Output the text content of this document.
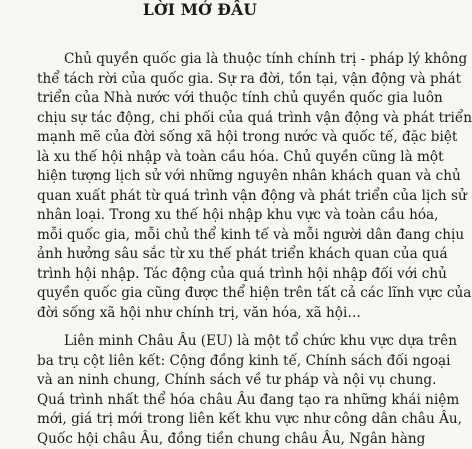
LỜI MỞ ĐẦU

Chủ quyền quốc gia là thuộc tính chính trị - pháp lý không
thể tách rời của quốc gia. Sự ra đời, tồn tại, vận động và phát
triển của Nhà nước với thuộc tính chủ quyền quốc gia luôn
chịu sự tác động, chi phối của quá trình vận động và phát triển
mạnh mẽ của đời sống xã hội trong nước và quốc tế, đặc biệt
là xu thế hội nhập và toàn cầu hóa. Chủ quyền cũng là một
hiện tượng lịch sử với những nguyên nhân khách quan và chủ
quan xuất phát từ quá trình vận động và phát triển của lịch sử
nhân loại. Trong xu thế hội nhập khu vực và toàn cầu hóa,
mỗi quốc gia, mỗi chủ thể kinh tế và mỗi người dân đang chịu
ảnh hưởng sâu sắc từ xu thế phát triển khách quan của quá
trình hội nhập. Tác động của quá trình hội nhập đối với chủ
quyền quốc gia cũng được thể hiện trên tất cả các lĩnh vực của
đời sống xã hội như chính trị, văn hóa, xã hội…

Liên minh Châu Âu (EU) là một tổ chức khu vực dựa trên
ba trụ cột liên kết: Cộng đồng kinh tế, Chính sách đối ngoại
và an ninh chung, Chính sách về tư pháp và nội vụ chung.
Quá trình nhất thể hóa châu Âu đang tạo ra những khái niệm
mới, giá trị mới trong liên kết khu vực như công dân châu Âu,
Quốc hội châu Âu, đồng tiền chung châu Âu, Ngân hàng
